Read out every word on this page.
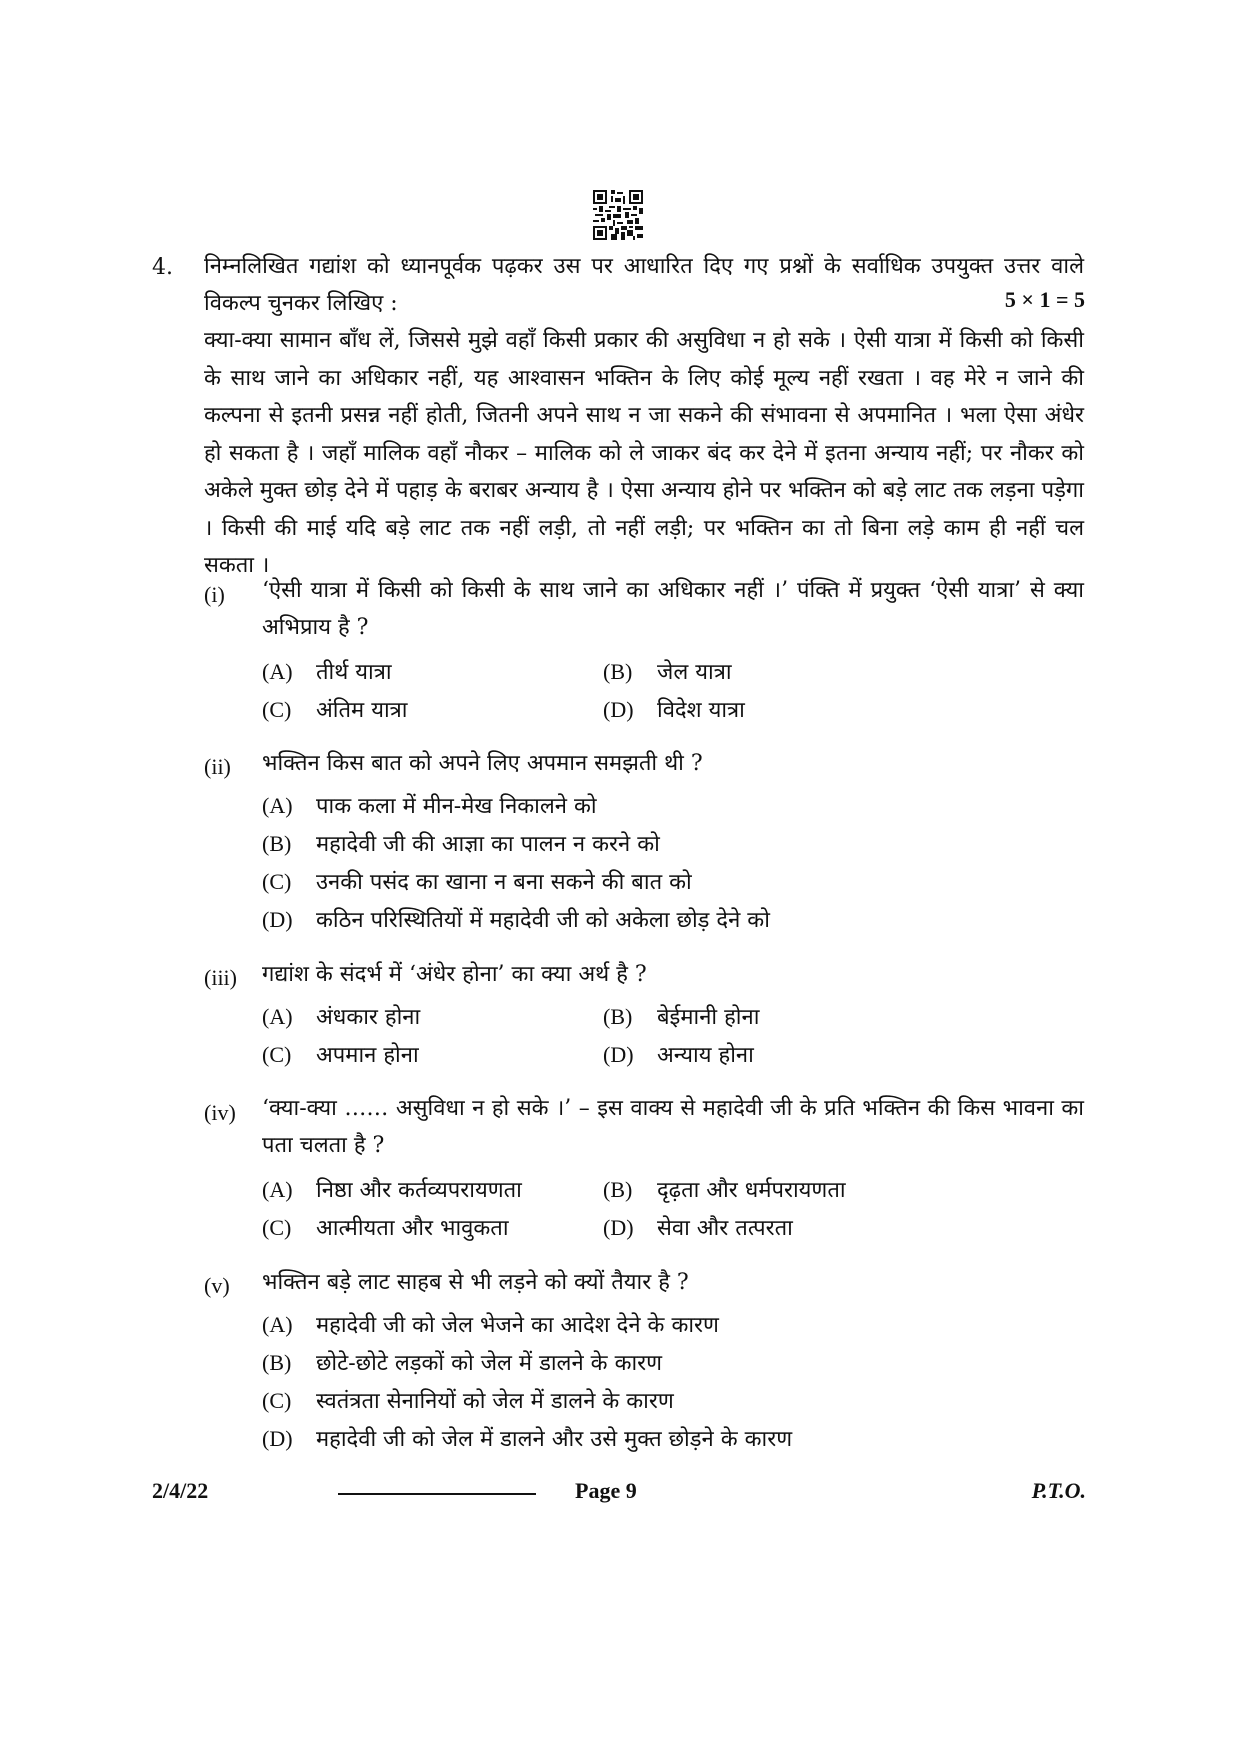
4. निम्नलिखित गद्यांश को ध्यानपूर्वक पढ़कर उस पर आधारित दिए गए प्रश्नों के सर्वाधिक उपयुक्त उत्तर वाले विकल्प चुनकर लिखिए :	5 × 1 = 5
क्या-क्या सामान बाँध लें, जिससे मुझे वहाँ किसी प्रकार की असुविधा न हो सके । ऐसी यात्रा में किसी को किसी के साथ जाने का अधिकार नहीं, यह आश्वासन भक्तिन के लिए कोई मूल्य नहीं रखता । वह मेरे न जाने की कल्पना से इतनी प्रसन्न नहीं होती, जितनी अपने साथ न जा सकने की संभावना से अपमानित । भला ऐसा अंधेर हो सकता है । जहाँ मालिक वहाँ नौकर – मालिक को ले जाकर बंद कर देने में इतना अन्याय नहीं; पर नौकर को अकेले मुक्त छोड़ देने में पहाड़ के बराबर अन्याय है । ऐसा अन्याय होने पर भक्तिन को बड़े लाट तक लड़ना पड़ेगा । किसी की माई यदि बड़े लाट तक नहीं लड़ी, तो नहीं लड़ी; पर भक्तिन का तो बिना लड़े काम ही नहीं चल सकता ।
(i)	‘ऐसी यात्रा में किसी को किसी के साथ जाने का अधिकार नहीं ।’ पंक्ति में प्रयुक्त ‘ऐसी यात्रा’ से क्या अभिप्राय है ?
(A) तीर्थ यात्रा	(B) जेल यात्रा
(C) अंतिम यात्रा	(D) विदेश यात्रा
(ii)	भक्तिन किस बात को अपने लिए अपमान समझती थी ?
(A) पाक कला में मीन-मेख निकालने को
(B) महादेवी जी की आज्ञा का पालन न करने को
(C) उनकी पसंद का खाना न बना सकने की बात को
(D) कठिन परिस्थितियों में महादेवी जी को अकेला छोड़ देने को
(iii)	गद्यांश के संदर्भ में ‘अंधेर होना’ का क्या अर्थ है ?
(A) अंधकार होना	(B) बेईमानी होना
(C) अपमान होना	(D) अन्याय होना
(iv)	‘क्या-क्या …… असुविधा न हो सके ।’ – इस वाक्य से महादेवी जी के प्रति भक्तिन की किस भावना का पता चलता है ?
(A) निष्ठा और कर्तव्यपरायणता	(B) दृढ़ता और धर्मपरायणता
(C) आत्मीयता और भावुकता	(D) सेवा और तत्परता
(v)	भक्तिन बड़े लाट साहब से भी लड़ने को क्यों तैयार है ?
(A) महादेवी जी को जेल भेजने का आदेश देने के कारण
(B) छोटे-छोटे लड़कों को जेल में डालने के कारण
(C) स्वतंत्रता सेनानियों को जेल में डालने के कारण
(D) महादेवी जी को जेल में डालने और उसे मुक्त छोड़ने के कारण
2/4/22	Page 9	P.T.O.
